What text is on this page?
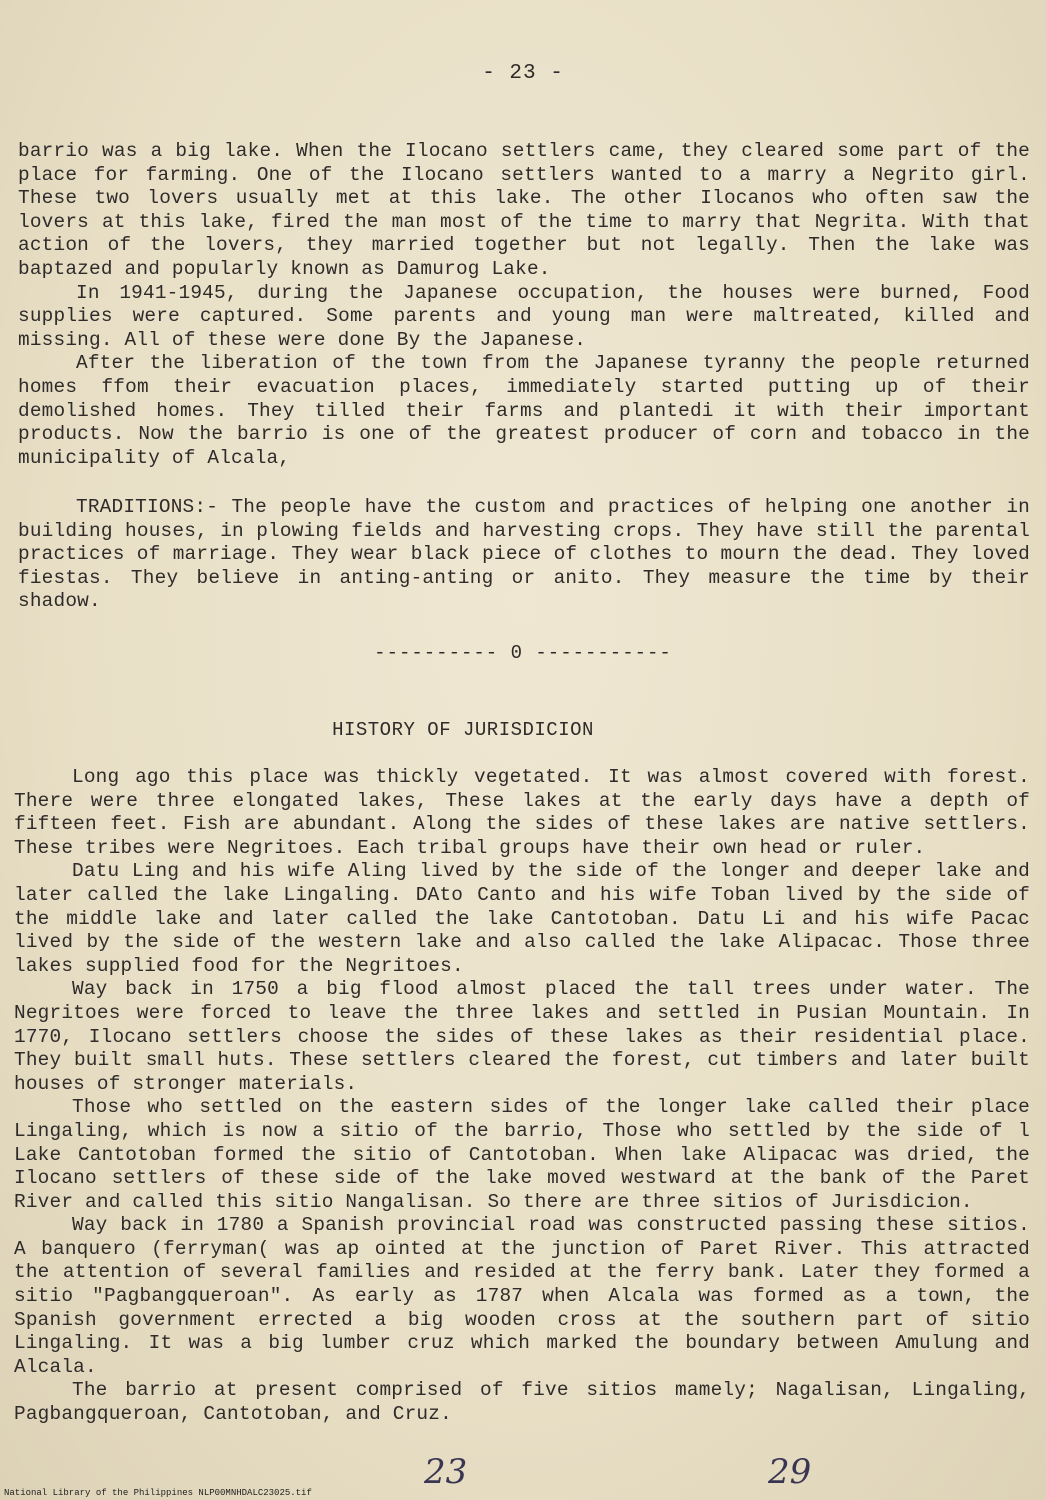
- 23 -

barrio was a big lake. When the Ilocano settlers came, they cleared some part of the place for farming. One of the Ilocano settlers wanted to a marry a Negrito girl. These two lovers usually met at this lake. The other Ilocanos who often saw the lovers at this lake, fired the man most of the time to marry that Negrita. With that action of the lovers, they married together but not legally. Then the lake was baptazed and popularly known as Damurog Lake.

In 1941-1945, during the Japanese occupation, the houses were burned, Food supplies were captured. Some parents and young man were maltreated, killed and missing. All of these were done By the Japanese.

After the liberation of the town from the Japanese tyranny the people returned homes ffom their evacuation places, immediately started putting up of their demolished homes. They tilled their farms and plantedi it with their important products. Now the barrio is one of the greatest producer of corn and tobacco in the municipality of Alcala,

TRADITIONS:- The people have the custom and practices of helping one another in building houses, in plowing fields and harvesting crops. They have still the parental practices of marriage. They wear black piece of clothes to mourn the dead. They loved fiestas. They believe in anting-anting or anito. They measure the time by their shadow.

---------- 0 -----------
HISTORY OF JURISDICION

Long ago this place was thickly vegetated. It was almost covered with forest. There were three elongated lakes, These lakes at the early days have a depth of fifteen feet. Fish are abundant. Along the sides of these lakes are native settlers. These tribes were Negritoes. Each tribal groups have their own head or ruler.

Datu Ling and his wife Aling lived by the side of the longer and deeper lake and later called the lake Lingaling. DAto Canto and his wife Toban lived by the side of the middle lake and later called the lake Cantotoban. Datu Li and his wife Pacac lived by the side of the western lake and also called the lake Alipacac. Those three lakes supplied food for the Negritoes.

Way back in 1750 a big flood almost placed the tall trees under water. The Negritoes were forced to leave the three lakes and settled in Pusian Mountain. In 1770, Ilocano settlers choose the sides of these lakes as their residential place. They built small huts. These settlers cleared the forest, cut timbers and later built houses of stronger materials.

Those who settled on the eastern sides of the longer lake called their place Lingaling, which is now a sitio of the barrio, Those who settled by the side of l Lake Cantotoban formed the sitio of Cantotoban. When lake Alipacac was dried, the Ilocano settlers of these side of the lake moved westward at the bank of the Paret River and called this sitio Nangalisan. So there are three sitios of Jurisdicion.

Way back in 1780 a Spanish provincial road was constructed passing these sitios. A banquero (ferryman( was ap ointed at the junction of Paret River. This attracted the attention of several families and resided at the ferry bank. Later they formed a sitio "Pagbangqueroan". As early as 1787 when Alcala was formed as a town, the Spanish government errected a big wooden cross at the southern part of sitio Lingaling. It was a big lumber cruz which marked the boundary between Amulung and Alcala.

The barrio at present comprised of five sitios mamely; Nagalisan, Lingaling, Pagbangqueroan, Cantotoban, and Cruz.

23	29
National Library of the Philippines NLP00MNHDALC23025.tif
